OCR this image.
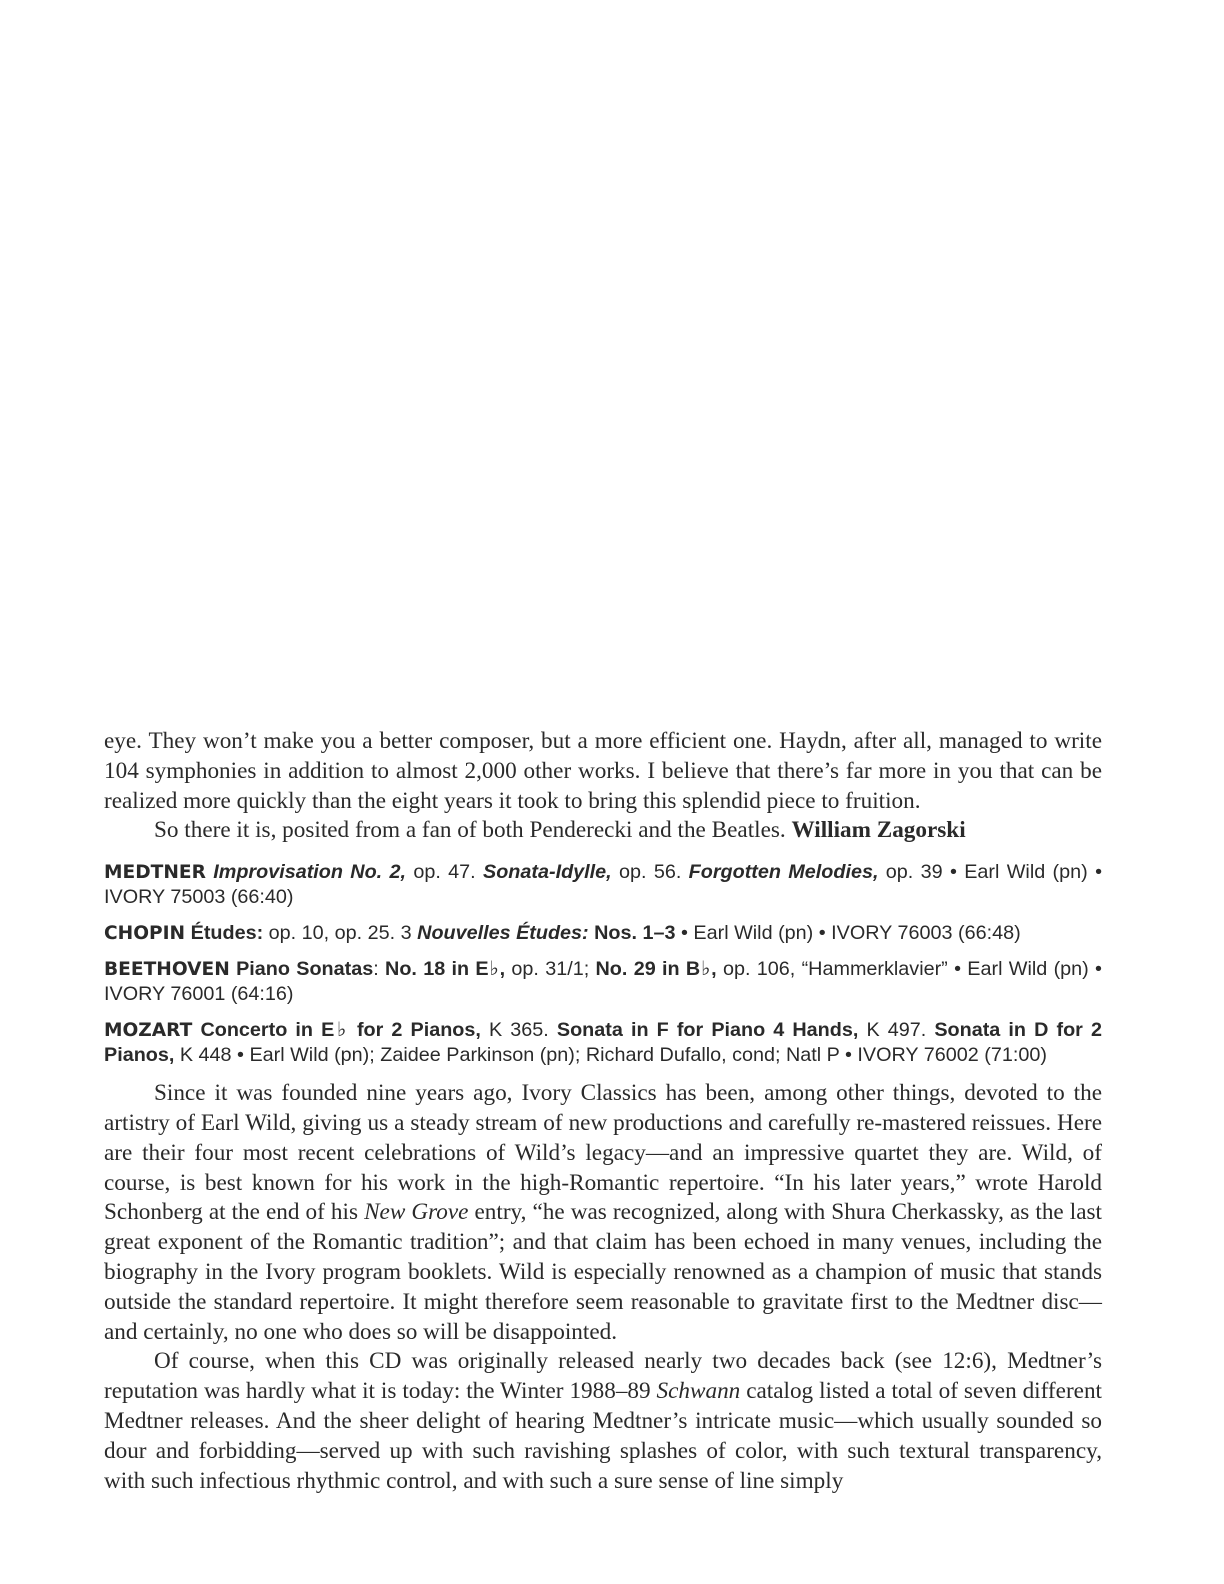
eye. They won’t make you a better composer, but a more efficient one. Haydn, after all, managed to write 104 symphonies in addition to almost 2,000 other works. I believe that there’s far more in you that can be realized more quickly than the eight years it took to bring this splendid piece to fruition.

So there it is, posited from a fan of both Penderecki and the Beatles. William Zagorski

MEDTNER Improvisation No. 2, op. 47. Sonata-Idylle, op. 56. Forgotten Melodies, op. 39 • Earl Wild (pn) • IVORY 75003 (66:40)

CHOPIN Études: op. 10, op. 25. 3 Nouvelles Études: Nos. 1–3 • Earl Wild (pn) • IVORY 76003 (66:48)

BEETHOVEN Piano Sonatas: No. 18 in E♭, op. 31/1; No. 29 in B♭, op. 106, “Hammerklavier” • Earl Wild (pn) • IVORY 76001 (64:16)

MOZART Concerto in E♭ for 2 Pianos, K 365. Sonata in F for Piano 4 Hands, K 497. Sonata in D for 2 Pianos, K 448 • Earl Wild (pn); Zaidee Parkinson (pn); Richard Dufallo, cond; Natl P • IVORY 76002 (71:00)

Since it was founded nine years ago, Ivory Classics has been, among other things, devoted to the artistry of Earl Wild, giving us a steady stream of new productions and carefully re-mastered reissues. Here are their four most recent celebrations of Wild’s legacy—and an impressive quartet they are. Wild, of course, is best known for his work in the high-Romantic repertoire. “In his later years,” wrote Harold Schonberg at the end of his New Grove entry, “he was recognized, along with Shura Cherkassky, as the last great exponent of the Romantic tradition”; and that claim has been echoed in many venues, including the biography in the Ivory program booklets. Wild is especially renowned as a champion of music that stands outside the standard repertoire. It might therefore seem reasonable to gravitate first to the Medtner disc—and certainly, no one who does so will be disappointed.

Of course, when this CD was originally released nearly two decades back (see 12:6), Medtner’s reputation was hardly what it is today: the Winter 1988–89 Schwann catalog listed a total of seven different Medtner releases. And the sheer delight of hearing Medtner’s intricate music—which usually sounded so dour and forbidding—served up with such ravishing splashes of color, with such textural transparency, with such infectious rhythmic control, and with such a sure sense of line simply
